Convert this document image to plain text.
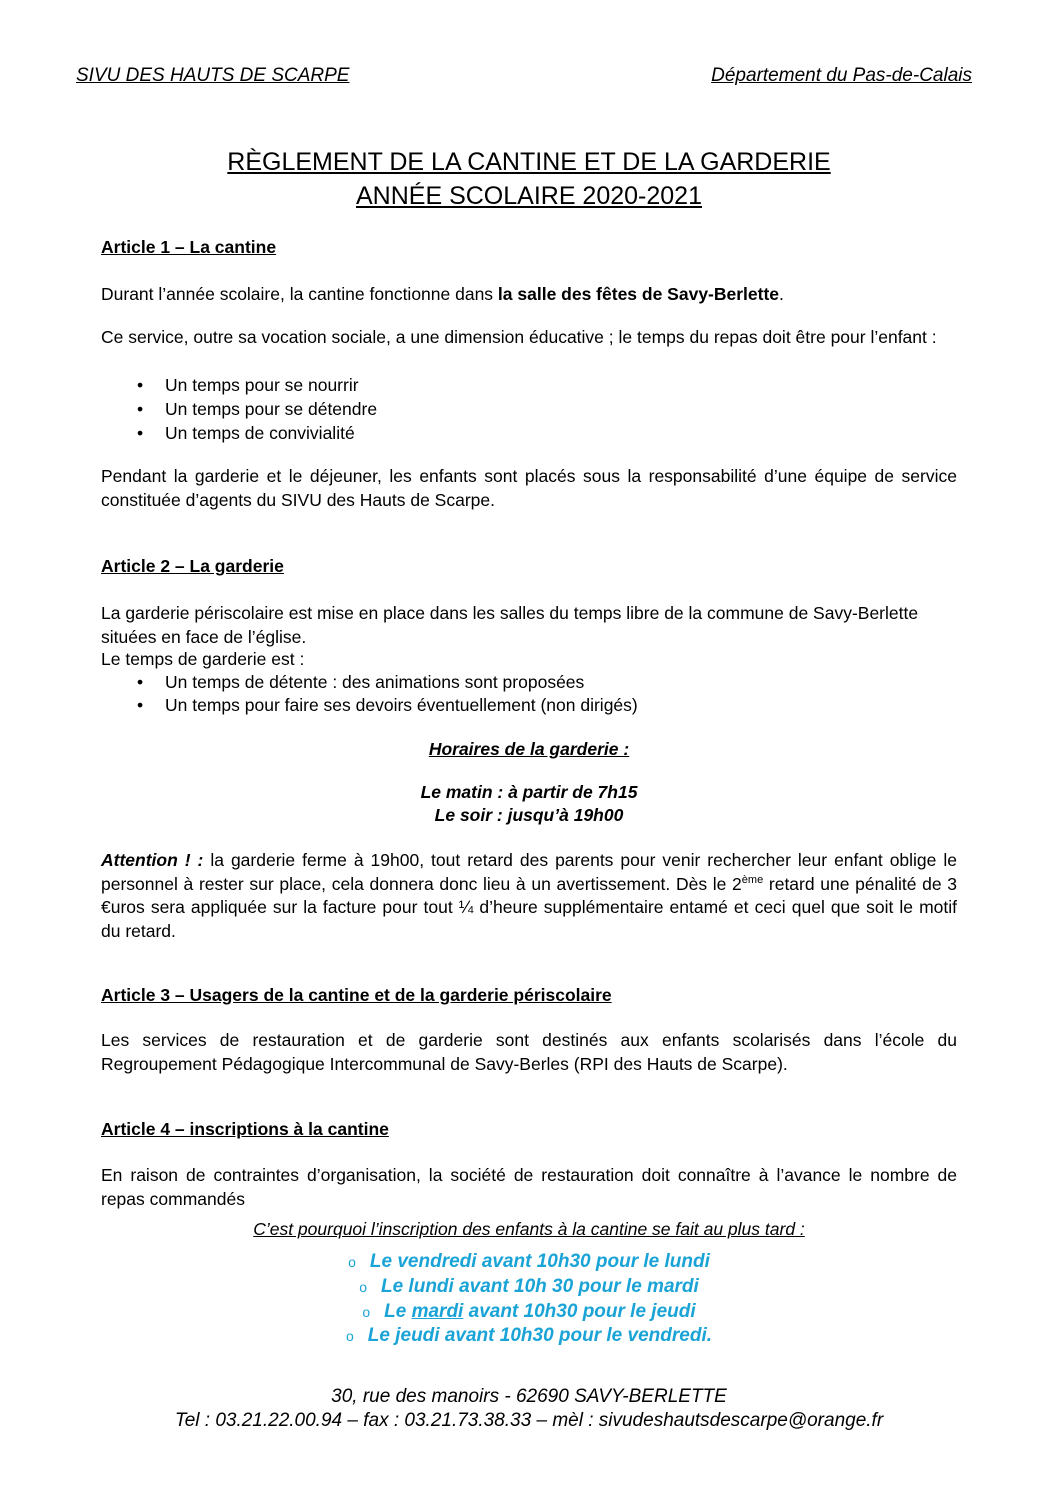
SIVU DES HAUTS DE SCARPE	Département du Pas-de-Calais
RÈGLEMENT DE LA CANTINE ET DE LA GARDERIE
ANNÉE SCOLAIRE 2020-2021
Article 1 – La cantine
Durant l’année scolaire, la cantine fonctionne dans la salle des fêtes de Savy-Berlette.
Ce service, outre sa vocation sociale, a une dimension éducative ; le temps du repas doit être pour l’enfant :
• Un temps pour se nourrir
• Un temps pour se détendre
• Un temps de convivialité
Pendant la garderie et le déjeuner, les enfants sont placés sous la responsabilité d’une équipe de service constituée d’agents du SIVU des Hauts de Scarpe.
Article 2 – La garderie
La garderie périscolaire est mise en place dans les salles du temps libre de la commune de Savy-Berlette situées en face de l’église.
Le temps de garderie est :
• Un temps de détente : des animations sont proposées
• Un temps pour faire ses devoirs éventuellement (non dirigés)
Horaires de la garderie :
Le matin : à partir de 7h15
Le soir : jusqu’à 19h00
Attention ! : la garderie ferme à 19h00, tout retard des parents pour venir rechercher leur enfant oblige le personnel à rester sur place, cela donnera donc lieu à un avertissement. Dès le 2ème retard une pénalité de 3 €uros sera appliquée sur la facture pour tout ¼ d’heure supplémentaire entamé et ceci quel que soit le motif du retard.
Article 3 – Usagers de la cantine et de la garderie périscolaire
Les services de restauration et de garderie sont destinés aux enfants scolarisés dans l’école du Regroupement Pédagogique Intercommunal de Savy-Berles (RPI des Hauts de Scarpe).
Article 4 – inscriptions à la cantine
En raison de contraintes d’organisation, la société de restauration doit connaître à l’avance le nombre de repas commandés
C’est pourquoi l’inscription des enfants à la cantine se fait au plus tard :
o Le vendredi avant 10h30 pour le lundi
o Le lundi avant 10h 30 pour le mardi
o Le mardi avant 10h30 pour le jeudi
o Le jeudi avant 10h30 pour le vendredi.
30, rue des manoirs - 62690 SAVY-BERLETTE
Tel : 03.21.22.00.94 – fax : 03.21.73.38.33 – mèl : sivudeshautsdescarpe@orange.fr
